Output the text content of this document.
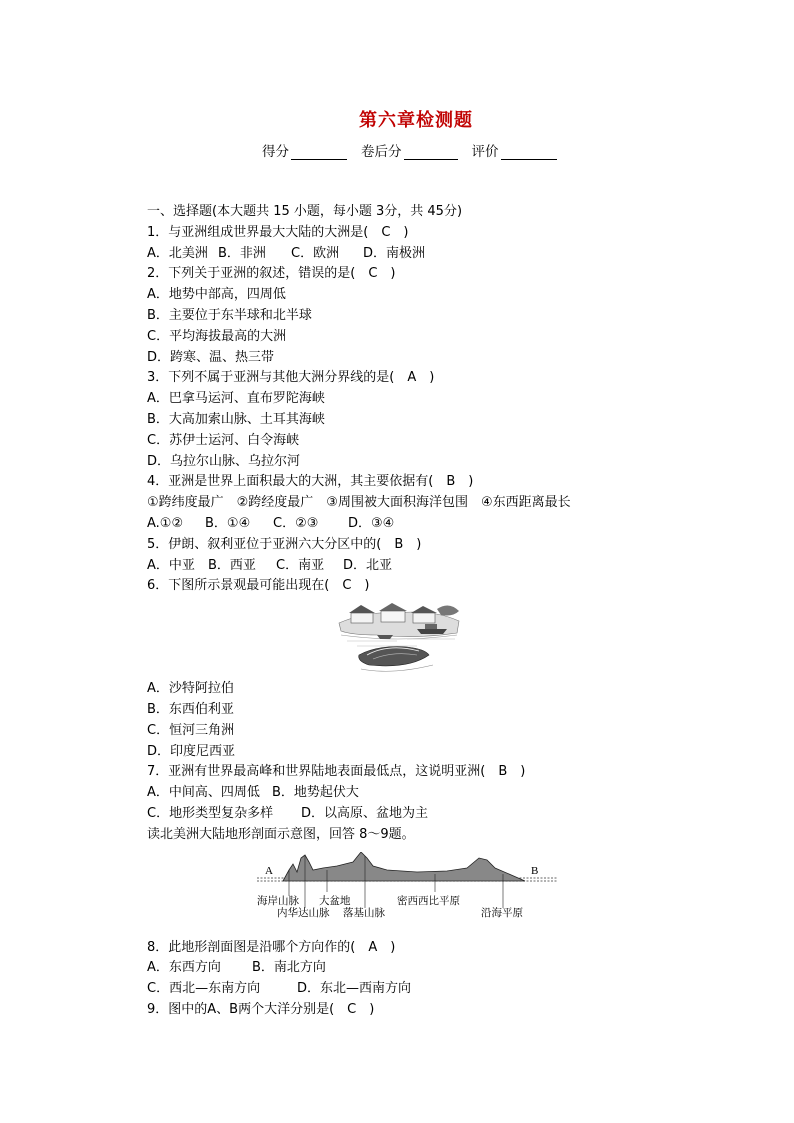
第六章检测题
得分	卷后分	评价
一、选择题(本大题共 15 小题，每小题 3分，共 45分)
1．与亚洲组成世界最大大陆的大洲是(　C　)
A．北美洲 B．非洲 C．欧洲 D．南极洲
2．下列关于亚洲的叙述，错误的是(　C　)
A．地势中部高，四周低
B．主要位于东半球和北半球
C．平均海拔最高的大洲
D．跨寒、温、热三带
3．下列不属于亚洲与其他大洲分界线的是(　A　)
A．巴拿马运河、直布罗陀海峡
B．大高加索山脉、土耳其海峡
C．苏伊士运河、白令海峡
D．乌拉尔山脉、乌拉尔河
4．亚洲是世界上面积最大的大洲，其主要依据有(　B　)
①跨纬度最广　②跨经度最广　③周围被大面积海洋包围　④东西距离最长
A.①② B．①④ C．②③ D．③④
5．伊朗、叙利亚位于亚洲六大分区中的(　B　)
A．中亚 B．西亚 C．南亚 D．北亚
6．下图所示景观最可能出现在(　C　)
A．沙特阿拉伯
B．东西伯利亚
C．恒河三角洲
D．印度尼西亚
7．亚洲有世界最高峰和世界陆地表面最低点，这说明亚洲(　B　)
A．中间高、四周低 B．地势起伏大
C．地形类型复杂多样 D．以高原、盆地为主
读北美洲大陆地形剖面示意图，回答 8～9题。
A	B
海岸山脉
内华达山脉
大盆地
落基山脉
密西西比平原
沿海平原
8．此地形剖面图是沿哪个方向作的(　A　)
A．东西方向 B．南北方向
C．西北—东南方向	D．东北—西南方向
9．图中的A、B两个大洋分别是(　C　)
